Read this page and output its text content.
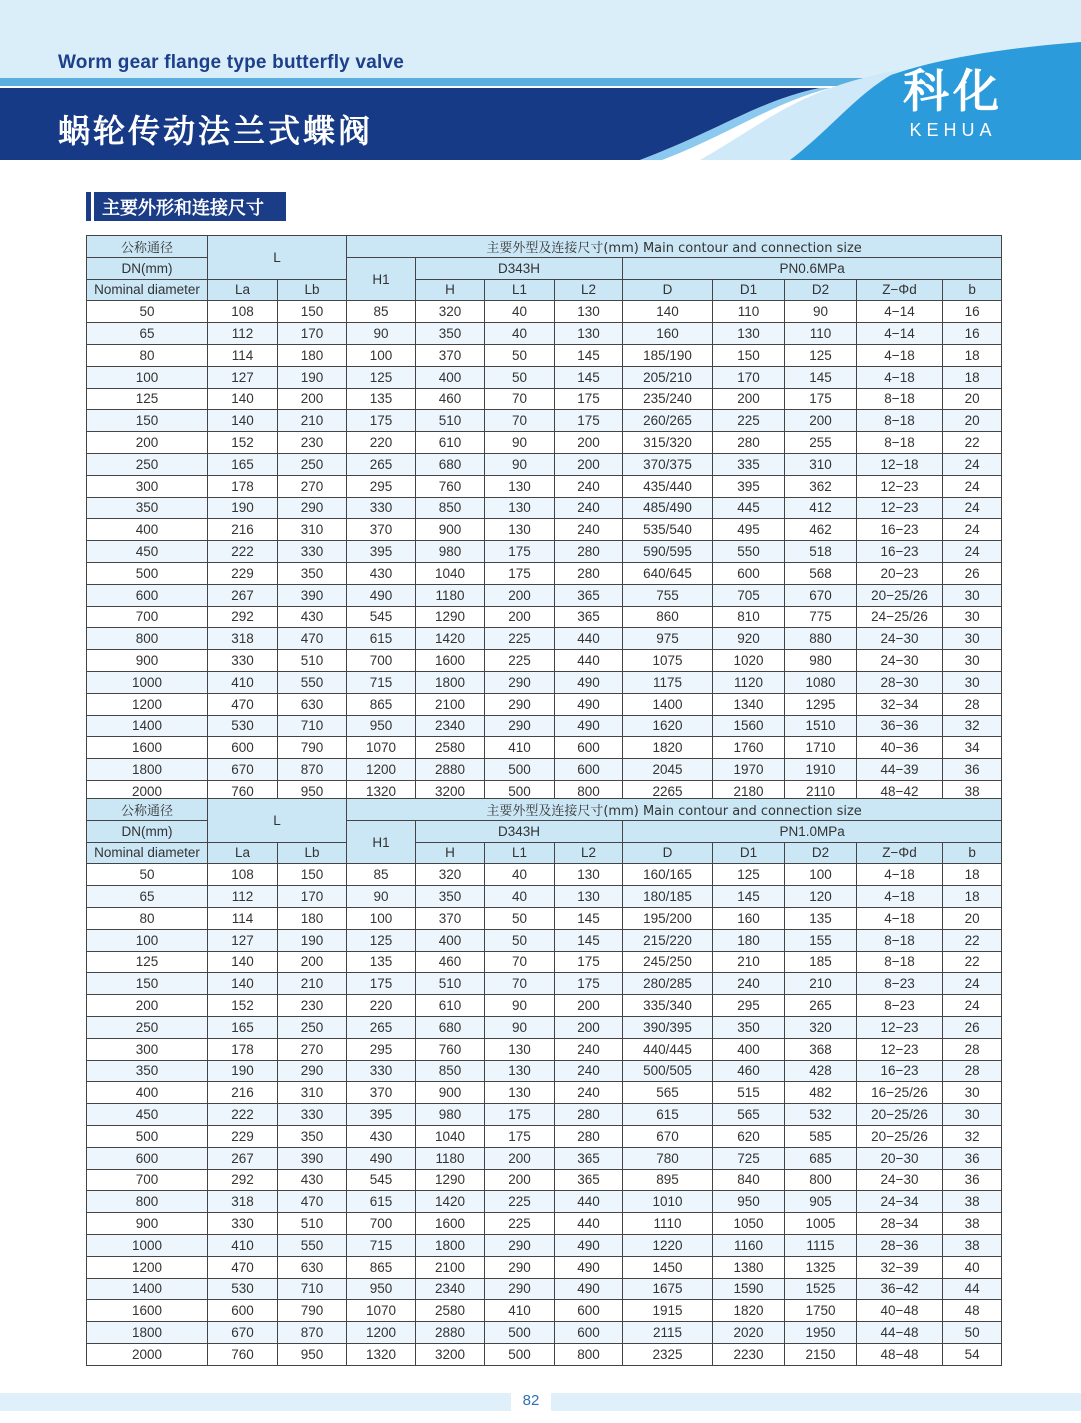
Worm gear flange type butterfly valve
蜗轮传动法兰式蝶阀
科化
KEHUA
主要外形和连接尺寸
公称通径	L		主要外型及连接尺寸(mm) Main contour and connection size								
DN(mm)			H1	D343H			PN0.6MPa				
Nominal diameter	La	Lb		H	L1	L2	D	D1	D2	Z−Φd	b
50	108	150	85	320	40	130	140	110	90	4−14	16
65	112	170	90	350	40	130	160	130	110	4−14	16
80	114	180	100	370	50	145	185/190	150	125	4−18	18
100	127	190	125	400	50	145	205/210	170	145	4−18	18
125	140	200	135	460	70	175	235/240	200	175	8−18	20
150	140	210	175	510	70	175	260/265	225	200	8−18	20
200	152	230	220	610	90	200	315/320	280	255	8−18	22
250	165	250	265	680	90	200	370/375	335	310	12−18	24
300	178	270	295	760	130	240	435/440	395	362	12−23	24
350	190	290	330	850	130	240	485/490	445	412	12−23	24
400	216	310	370	900	130	240	535/540	495	462	16−23	24
450	222	330	395	980	175	280	590/595	550	518	16−23	24
500	229	350	430	1040	175	280	640/645	600	568	20−23	26
600	267	390	490	1180	200	365	755	705	670	20−25/26	30
700	292	430	545	1290	200	365	860	810	775	24−25/26	30
800	318	470	615	1420	225	440	975	920	880	24−30	30
900	330	510	700	1600	225	440	1075	1020	980	24−30	30
1000	410	550	715	1800	290	490	1175	1120	1080	28−30	30
1200	470	630	865	2100	290	490	1400	1340	1295	32−34	28
1400	530	710	950	2340	290	490	1620	1560	1510	36−36	32
1600	600	790	1070	2580	410	600	1820	1760	1710	40−36	34
1800	670	870	1200	2880	500	600	2045	1970	1910	44−39	36
2000	760	950	1320	3200	500	800	2265	2180	2110	48−42	38
公称通径	L		主要外型及连接尺寸(mm) Main contour and connection size								
DN(mm)			H1	D343H			PN1.0MPa				
Nominal diameter	La	Lb		H	L1	L2	D	D1	D2	Z−Φd	b
50	108	150	85	320	40	130	160/165	125	100	4−18	18
65	112	170	90	350	40	130	180/185	145	120	4−18	18
80	114	180	100	370	50	145	195/200	160	135	4−18	20
100	127	190	125	400	50	145	215/220	180	155	8−18	22
125	140	200	135	460	70	175	245/250	210	185	8−18	22
150	140	210	175	510	70	175	280/285	240	210	8−23	24
200	152	230	220	610	90	200	335/340	295	265	8−23	24
250	165	250	265	680	90	200	390/395	350	320	12−23	26
300	178	270	295	760	130	240	440/445	400	368	12−23	28
350	190	290	330	850	130	240	500/505	460	428	16−23	28
400	216	310	370	900	130	240	565	515	482	16−25/26	30
450	222	330	395	980	175	280	615	565	532	20−25/26	30
500	229	350	430	1040	175	280	670	620	585	20−25/26	32
600	267	390	490	1180	200	365	780	725	685	20−30	36
700	292	430	545	1290	200	365	895	840	800	24−30	36
800	318	470	615	1420	225	440	1010	950	905	24−34	38
900	330	510	700	1600	225	440	1110	1050	1005	28−34	38
1000	410	550	715	1800	290	490	1220	1160	1115	28−36	38
1200	470	630	865	2100	290	490	1450	1380	1325	32−39	40
1400	530	710	950	2340	290	490	1675	1590	1525	36−42	44
1600	600	790	1070	2580	410	600	1915	1820	1750	40−48	48
1800	670	870	1200	2880	500	600	2115	2020	1950	44−48	50
2000	760	950	1320	3200	500	800	2325	2230	2150	48−48	54
82
